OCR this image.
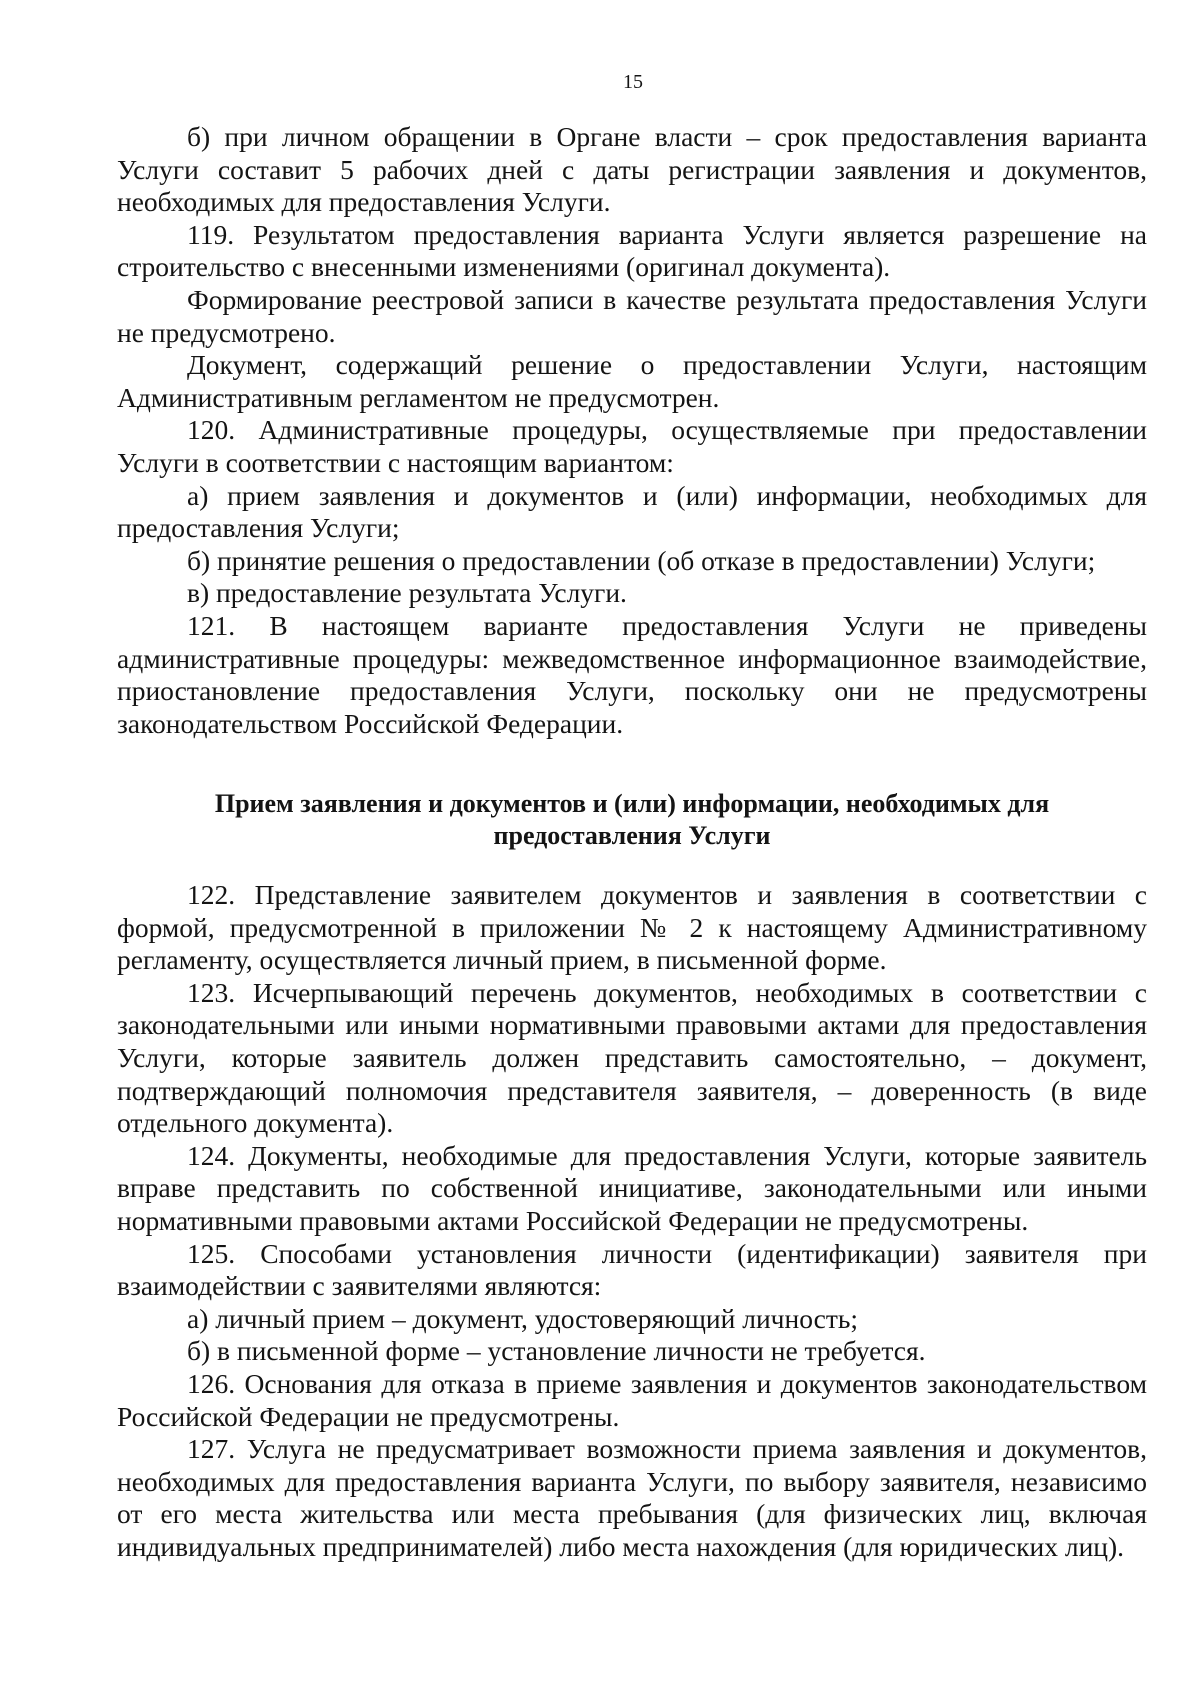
15

б) при личном обращении в Органе власти – срок предоставления варианта Услуги составит 5 рабочих дней с даты регистрации заявления и документов, необходимых для предоставления Услуги.

119. Результатом предоставления варианта Услуги является разрешение на строительство с внесенными изменениями (оригинал документа).

Формирование реестровой записи в качестве результата предоставления Услуги не предусмотрено.

Документ, содержащий решение о предоставлении Услуги, настоящим Административным регламентом не предусмотрен.

120. Административные процедуры, осуществляемые при предоставлении Услуги в соответствии с настоящим вариантом:

а) прием заявления и документов и (или) информации, необходимых для предоставления Услуги;

б) принятие решения о предоставлении (об отказе в предоставлении) Услуги;

в) предоставление результата Услуги.

121. В настоящем варианте предоставления Услуги не приведены административные процедуры: межведомственное информационное взаимодействие, приостановление предоставления Услуги, поскольку они не предусмотрены законодательством Российской Федерации.

Прием заявления и документов и (или) информации, необходимых для
предоставления Услуги

122. Представление заявителем документов и заявления в соответствии с формой, предусмотренной в приложении № 2 к настоящему Административному регламенту, осуществляется личный прием, в письменной форме.

123. Исчерпывающий перечень документов, необходимых в соответствии с законодательными или иными нормативными правовыми актами для предоставления Услуги, которые заявитель должен представить самостоятельно, – документ, подтверждающий полномочия представителя заявителя, – доверенность (в виде отдельного документа).

124. Документы, необходимые для предоставления Услуги, которые заявитель вправе представить по собственной инициативе, законодательными или иными нормативными правовыми актами Российской Федерации не предусмотрены.

125. Способами установления личности (идентификации) заявителя при взаимодействии с заявителями являются:

а) личный прием – документ, удостоверяющий личность;

б) в письменной форме – установление личности не требуется.

126. Основания для отказа в приеме заявления и документов законодательством Российской Федерации не предусмотрены.

127. Услуга не предусматривает возможности приема заявления и документов, необходимых для предоставления варианта Услуги, по выбору заявителя, независимо от его места жительства или места пребывания (для физических лиц, включая индивидуальных предпринимателей) либо места нахождения (для юридических лиц).
